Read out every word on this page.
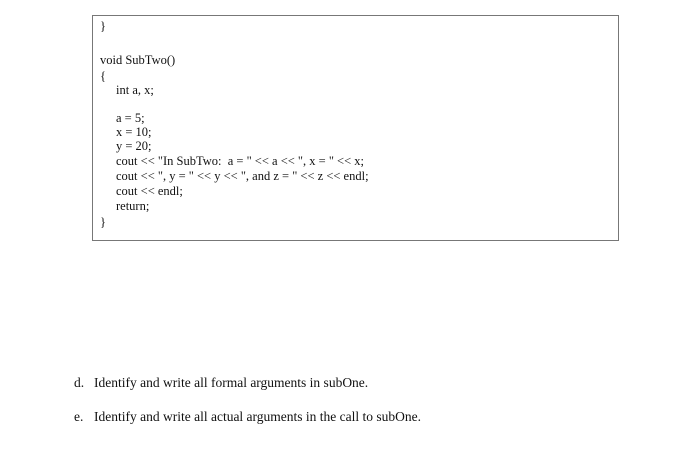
}
void SubTwo()
{
int a, x;
a = 5;
x = 10;
y = 20;
cout << "In SubTwo:  a = " << a << ", x = " << x;
cout << ", y = " << y << ", and z = " << z << endl;
cout << endl;
return;
}
d. Identify and write all formal arguments in subOne.
e. Identify and write all actual arguments in the call to subOne.
